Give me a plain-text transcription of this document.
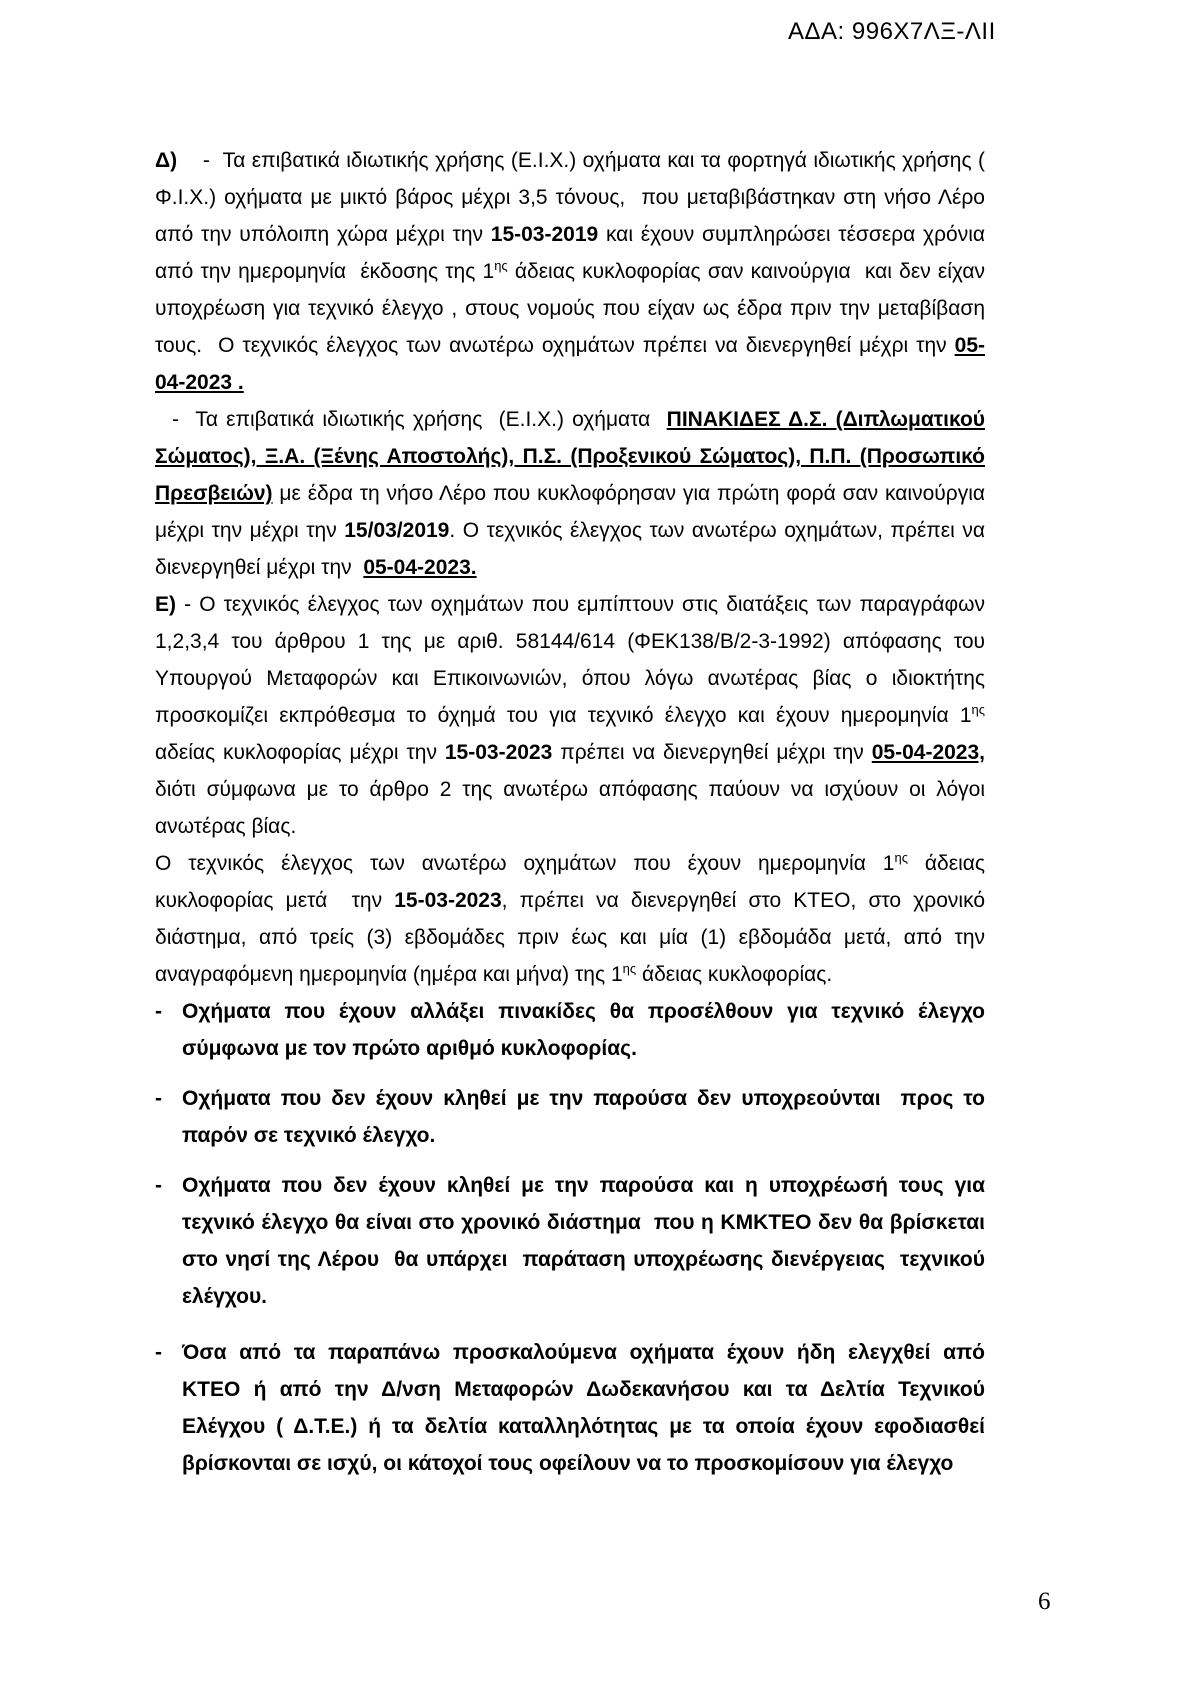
ΑΔΑ: 996Χ7ΛΞ-ΛΙΙ

Δ)    -  Τα επιβατικά ιδιωτικής χρήσης (Ε.Ι.Χ.) οχήματα και τα φορτηγά ιδιωτικής χρήσης ( Φ.Ι.Χ.) οχήματα με μικτό βάρος μέχρι 3,5 τόνους,  που μεταβιβάστηκαν στη νήσο Λέρο από την υπόλοιπη χώρα μέχρι την 15-03-2019 και έχουν συμπληρώσει τέσσερα χρόνια από την ημερομηνία  έκδοσης της $1^{\eta\varsigma}$ άδειας κυκλοφορίας σαν καινούργια  και δεν είχαν υποχρέωση για τεχνικό έλεγχο , στους νομούς που είχαν ως έδρα πριν την μεταβίβαση τους.  Ο τεχνικός έλεγχος των ανωτέρω οχημάτων πρέπει να διενεργηθεί μέχρι την 05-04-2023 .

-  Τα επιβατικά ιδιωτικής χρήσης  (Ε.Ι.Χ.) οχήματα  ΠΙΝΑΚΙΔΕΣ Δ.Σ. (Διπλωματικού Σώματος), Ξ.Α. (Ξένης Αποστολής), Π.Σ. (Προξενικού Σώματος), Π.Π. (Προσωπικό Πρεσβειών) με έδρα τη νήσο Λέρο που κυκλοφόρησαν για πρώτη φορά σαν καινούργια μέχρι την μέχρι την 15/03/2019. Ο τεχνικός έλεγχος των ανωτέρω οχημάτων, πρέπει να διενεργηθεί μέχρι την  05-04-2023.

Ε) - Ο τεχνικός έλεγχος των οχημάτων που εμπίπτουν στις διατάξεις των παραγράφων 1,2,3,4 του άρθρου 1 της με αριθ. 58144/614 (ΦΕΚ138/Β/2-3-1992) απόφασης του Υπουργού Μεταφορών και Επικοινωνιών, όπου λόγω ανωτέρας βίας ο ιδιοκτήτης προσκομίζει εκπρόθεσμα το όχημά του για τεχνικό έλεγχο και έχουν ημερομηνία $1^{\eta\varsigma}$ αδείας κυκλοφορίας μέχρι την 15-03-2023 πρέπει να διενεργηθεί μέχρι την 05-04-2023, διότι σύμφωνα με το άρθρο 2 της ανωτέρω απόφασης παύουν να ισχύουν οι λόγοι ανωτέρας βίας.

Ο τεχνικός έλεγχος των ανωτέρω οχημάτων που έχουν ημερομηνία $1^{\eta\varsigma}$ άδειας κυκλοφορίας μετά  την 15-03-2023, πρέπει να διενεργηθεί στο ΚΤΕΟ, στο χρονικό διάστημα, από τρείς (3) εβδομάδες πριν έως και μία (1) εβδομάδα μετά, από την αναγραφόμενη ημερομηνία (ημέρα και μήνα) της $1^{\eta\varsigma}$ άδειας κυκλοφορίας.

- Οχήματα που έχουν αλλάξει πινακίδες θα προσέλθουν για τεχνικό έλεγχο σύμφωνα με τον πρώτο αριθμό κυκλοφορίας.
- Οχήματα που δεν έχουν κληθεί με την παρούσα δεν υποχρεούνται  προς το παρόν σε τεχνικό έλεγχο.
- Οχήματα που δεν έχουν κληθεί με την παρούσα και η υποχρέωσή τους για τεχνικό έλεγχο θα είναι στο χρονικό διάστημα  που η ΚΜΚΤΕΟ δεν θα βρίσκεται στο νησί της Λέρου  θα υπάρχει  παράταση υποχρέωσης διενέργειας  τεχνικού ελέγχου.
- Όσα από τα παραπάνω προσκαλούμενα οχήματα έχουν ήδη ελεγχθεί από ΚΤΕΟ ή από την Δ/νση Μεταφορών Δωδεκανήσου και τα Δελτία Τεχνικού Ελέγχου ( Δ.Τ.Ε.) ή τα δελτία καταλληλότητας με τα οποία έχουν εφοδιασθεί βρίσκονται σε ισχύ, οι κάτοχοί τους οφείλουν να το προσκομίσουν για έλεγχο
6
